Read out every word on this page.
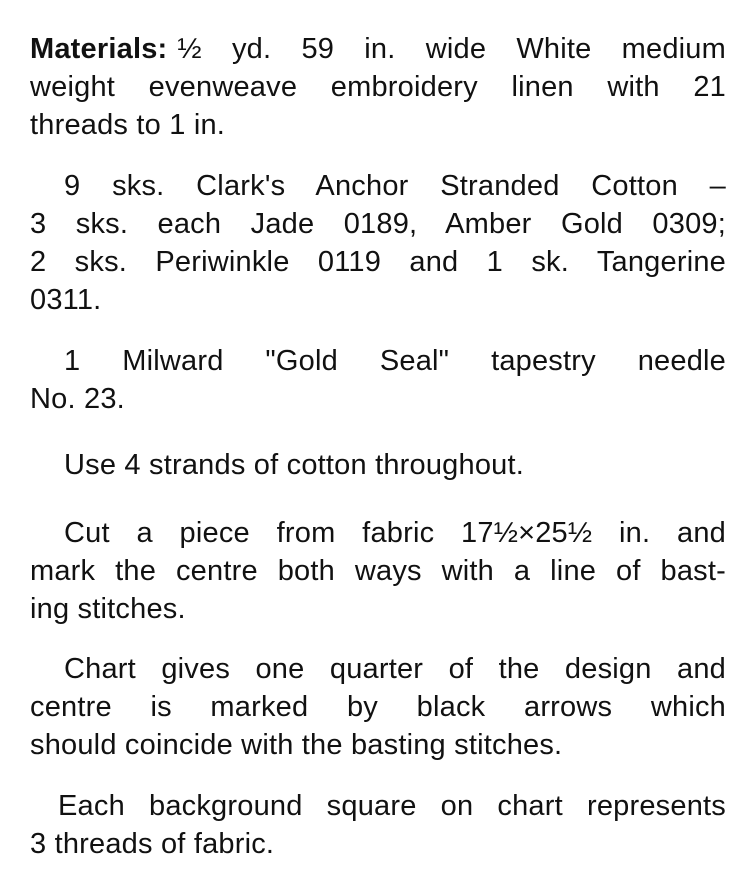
Materials: ½ yd. 59 in. wide White medium
weight evenweave embroidery linen with 21
threads to 1 in.
9 sks. Clark's Anchor Stranded Cotton –
3 sks. each Jade 0189, Amber Gold 0309;
2 sks. Periwinkle 0119 and 1 sk. Tangerine
0311.
1 Milward "Gold Seal" tapestry needle
No. 23.
Use 4 strands of cotton throughout.
Cut a piece from fabric 17½×25½ in. and
mark the centre both ways with a line of bast-
ing stitches.
Chart gives one quarter of the design and
centre is marked by black arrows which
should coincide with the basting stitches.
Each background square on chart represents
3 threads of fabric.
